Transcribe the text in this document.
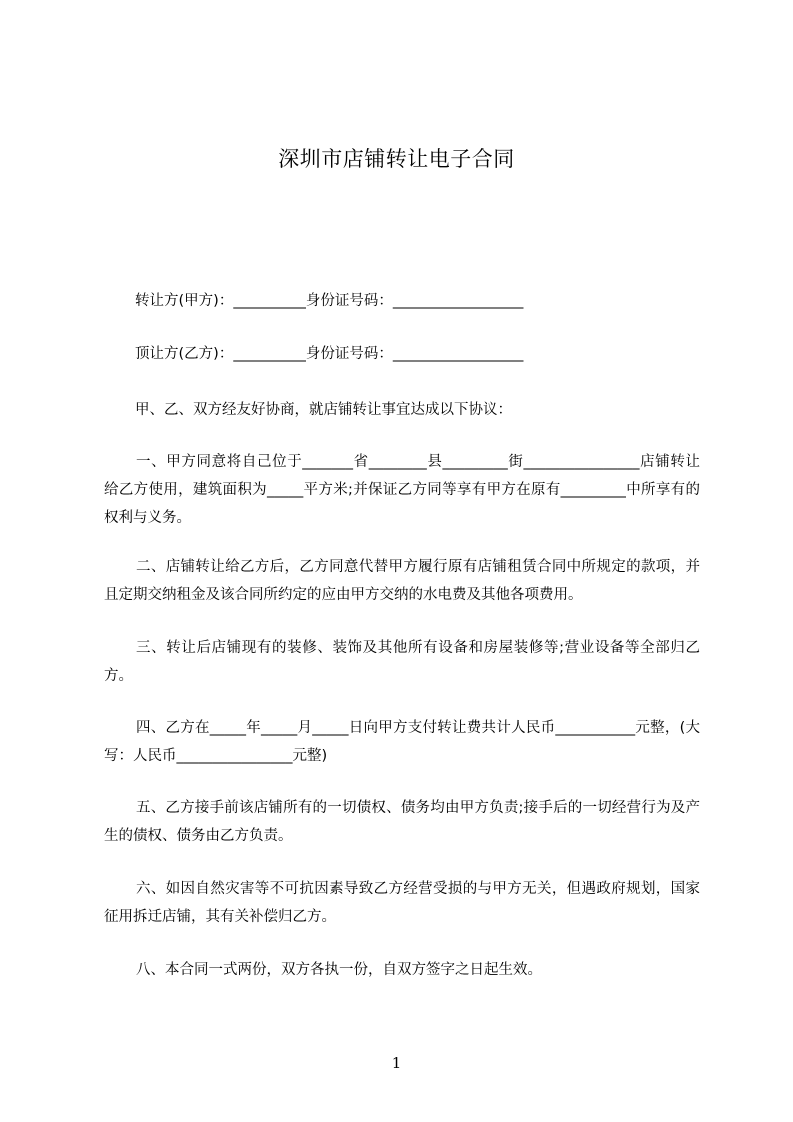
深圳市店铺转让电子合同

转让方(甲方)：__________身份证号码：__________________

顶让方(乙方)：__________身份证号码：__________________

甲、乙、双方经友好协商，就店铺转让事宜达成以下协议：

一、甲方同意将自己位于_______省________县_________街________________店铺转让给乙方使用，建筑面积为_____平方米;并保证乙方同等享有甲方在原有_________中所享有的权利与义务。

二、店铺转让给乙方后，乙方同意代替甲方履行原有店铺租赁合同中所规定的款项，并且定期交纳租金及该合同所约定的应由甲方交纳的水电费及其他各项费用。

三、转让后店铺现有的装修、装饰及其他所有设备和房屋装修等;营业设备等全部归乙方。

四、乙方在_____年_____月_____日向甲方支付转让费共计人民币___________元整，(大写：人民币________________元整)

五、乙方接手前该店铺所有的一切债权、债务均由甲方负责;接手后的一切经营行为及产生的债权、债务由乙方负责。

六、如因自然灾害等不可抗因素导致乙方经营受损的与甲方无关，但遇政府规划，国家征用拆迁店铺，其有关补偿归乙方。

八、本合同一式两份，双方各执一份，自双方签字之日起生效。

1
